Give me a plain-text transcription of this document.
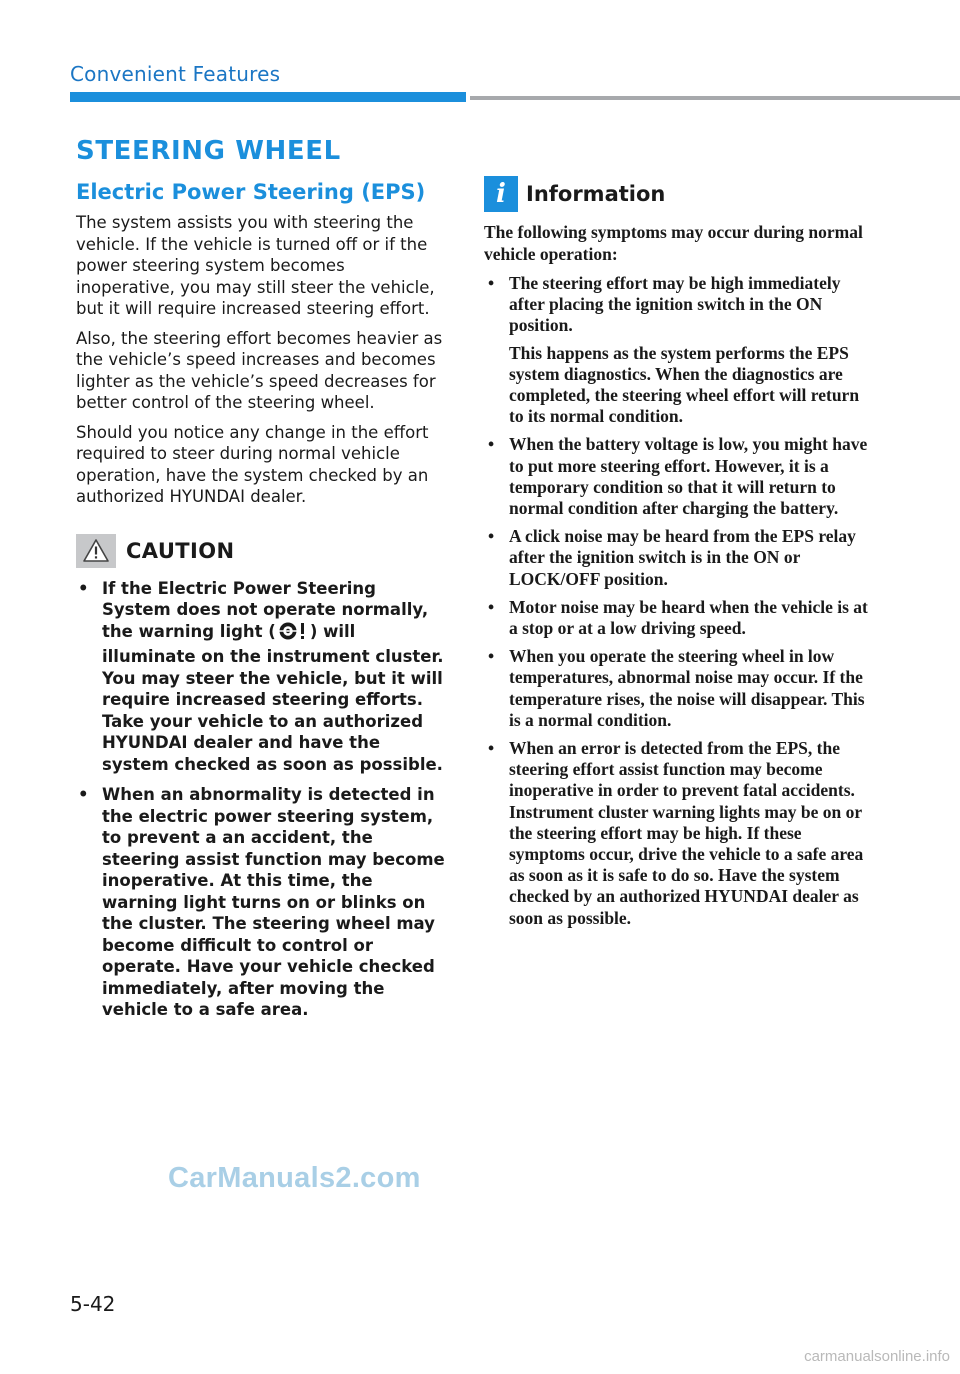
Convenient Features
STEERING WHEEL
Electric Power Steering (EPS)

The system assists you with steering the vehicle. If the vehicle is turned off or if the power steering system becomes inoperative, you may still steer the vehicle, but it will require increased steering effort.

Also, the steering effort becomes heavier as the vehicle’s speed increases and becomes lighter as the vehicle’s speed decreases for better control of the steering wheel.

Should you notice any change in the effort required to steer during normal vehicle operation, have the system checked by an authorized HYUNDAI dealer.

CAUTION
• If the Electric Power Steering System does not operate normally, the warning light ( ) will illuminate on the instrument cluster. You may steer the vehicle, but it will require increased steering efforts. Take your vehicle to an authorized HYUNDAI dealer and have the system checked as soon as possible.
• When an abnormality is detected in the electric power steering system, to prevent a an accident, the steering assist function may become inoperative. At this time, the warning light turns on or blinks on the cluster. The steering wheel may become difficult to control or operate. Have your vehicle checked immediately, after moving the vehicle to a safe area.
i Information

The following symptoms may occur during normal vehicle operation:

• The steering effort may be high immediately after placing the ignition switch in the ON position.
This happens as the system performs the EPS system diagnostics. When the diagnostics are completed, the steering wheel effort will return to its normal condition.
• When the battery voltage is low, you might have to put more steering effort. However, it is a temporary condition so that it will return to normal condition after charging the battery.
• A click noise may be heard from the EPS relay after the ignition switch is in the ON or LOCK/OFF position.
• Motor noise may be heard when the vehicle is at a stop or at a low driving speed.
• When you operate the steering wheel in low temperatures, abnormal noise may occur. If the temperature rises, the noise will disappear. This is a normal condition.
• When an error is detected from the EPS, the steering effort assist function may become inoperative in order to prevent fatal accidents. Instrument cluster warning lights may be on or the steering effort may be high. If these symptoms occur, drive the vehicle to a safe area as soon as it is safe to do so. Have the system checked by an authorized HYUNDAI dealer as soon as possible.
CarManuals2.com
5-42
carmanualsonline.info
